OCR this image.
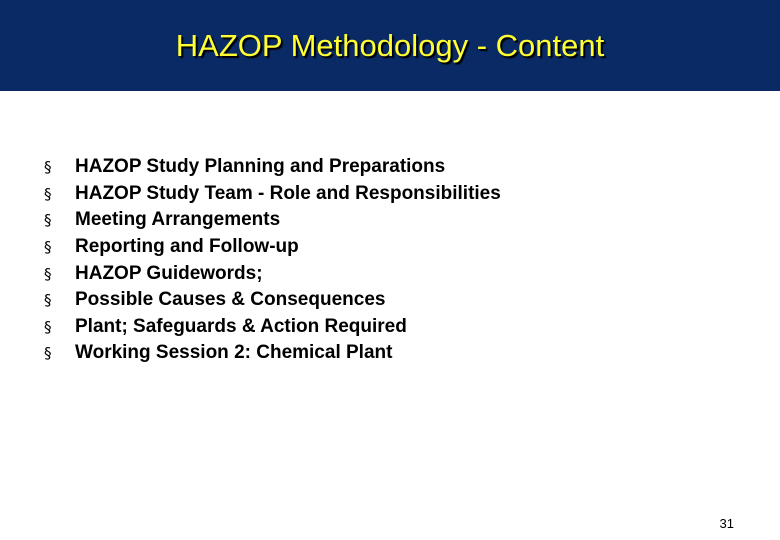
HAZOP Methodology - Content
§	HAZOP Study Planning and Preparations
§	HAZOP Study Team - Role and Responsibilities
§	Meeting Arrangements
§	Reporting and Follow-up
§	HAZOP Guidewords;
§	Possible Causes & Consequences
§	Plant; Safeguards & Action Required
§	Working Session 2: Chemical Plant
31
